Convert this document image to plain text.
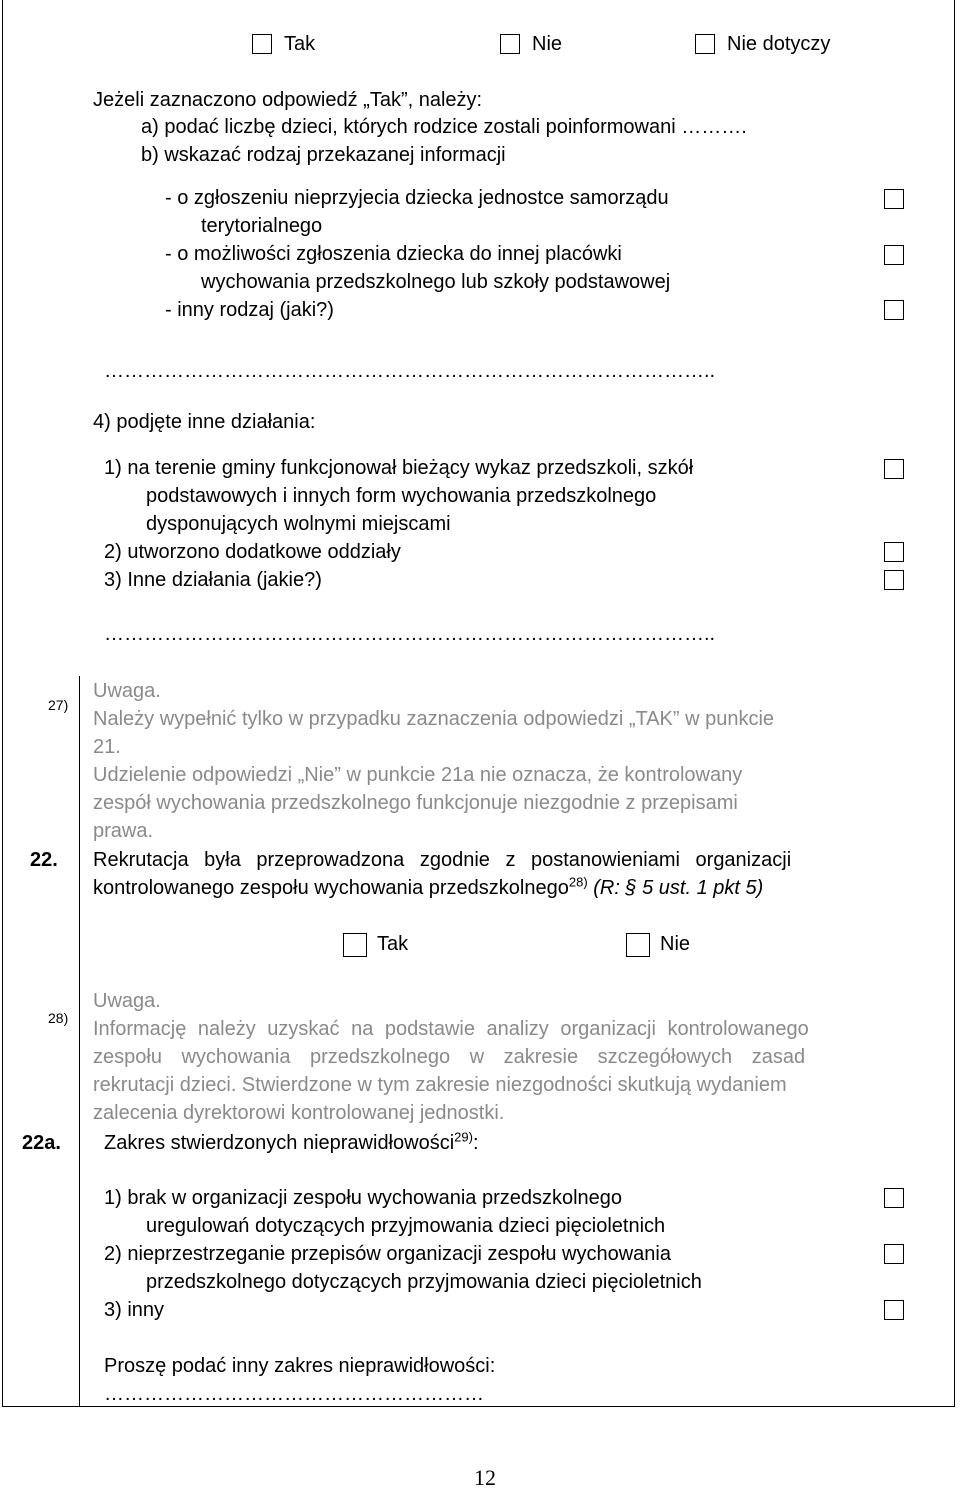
Tak	Nie	Nie dotyczy
Jeżeli zaznaczono odpowiedź „Tak”, należy:
a) podać liczbę dzieci, których rodzice zostali poinformowani ……….
b) wskazać rodzaj przekazanej informacji
- o zgłoszeniu nieprzyjecia dziecka jednostce samorządu
terytorialnego
- o możliwości zgłoszenia dziecka do innej placówki
wychowania przedszkolnego lub szkoły podstawowej
- inny rodzaj (jaki?)
………………………………………………………………………………..
4) podjęte inne działania:
1) na terenie gminy funkcjonował bieżący wykaz przedszkoli, szkół
podstawowych i innych form wychowania przedszkolnego
dysponujących wolnymi miejscami
2) utworzono dodatkowe oddziały
3) Inne działania (jakie?)
………………………………………………………………………………..
27)
Uwaga.
Należy wypełnić tylko w przypadku zaznaczenia odpowiedzi „TAK” w punkcie
21.
Udzielenie odpowiedzi „Nie” w punkcie 21a nie oznacza, że kontrolowany
zespół wychowania przedszkolnego funkcjonuje niezgodnie z przepisami
prawa.
22. Rekrutacja była przeprowadzona zgodnie z postanowieniami organizacji
kontrolowanego zespołu wychowania przedszkolnego$^{28)}$ (R: § 5 ust. 1 pkt 5)
Tak	Nie
28)
Uwaga.
Informację należy uzyskać na podstawie analizy organizacji kontrolowanego
zespołu wychowania przedszkolnego w zakresie szczegółowych zasad
rekrutacji dzieci. Stwierdzone w tym zakresie niezgodności skutkują wydaniem
zalecenia dyrektorowi kontrolowanej jednostki.
22a. Zakres stwierdzonych nieprawidłowości$^{29)}$:
1) brak w organizacji zespołu wychowania przedszkolnego
uregulowań dotyczących przyjmowania dzieci pięcioletnich
2) nieprzestrzeganie przepisów organizacji zespołu wychowania
przedszkolnego dotyczących przyjmowania dzieci pięcioletnich
3) inny
Proszę podać inny zakres nieprawidłowości:
…………………………………………………
12
